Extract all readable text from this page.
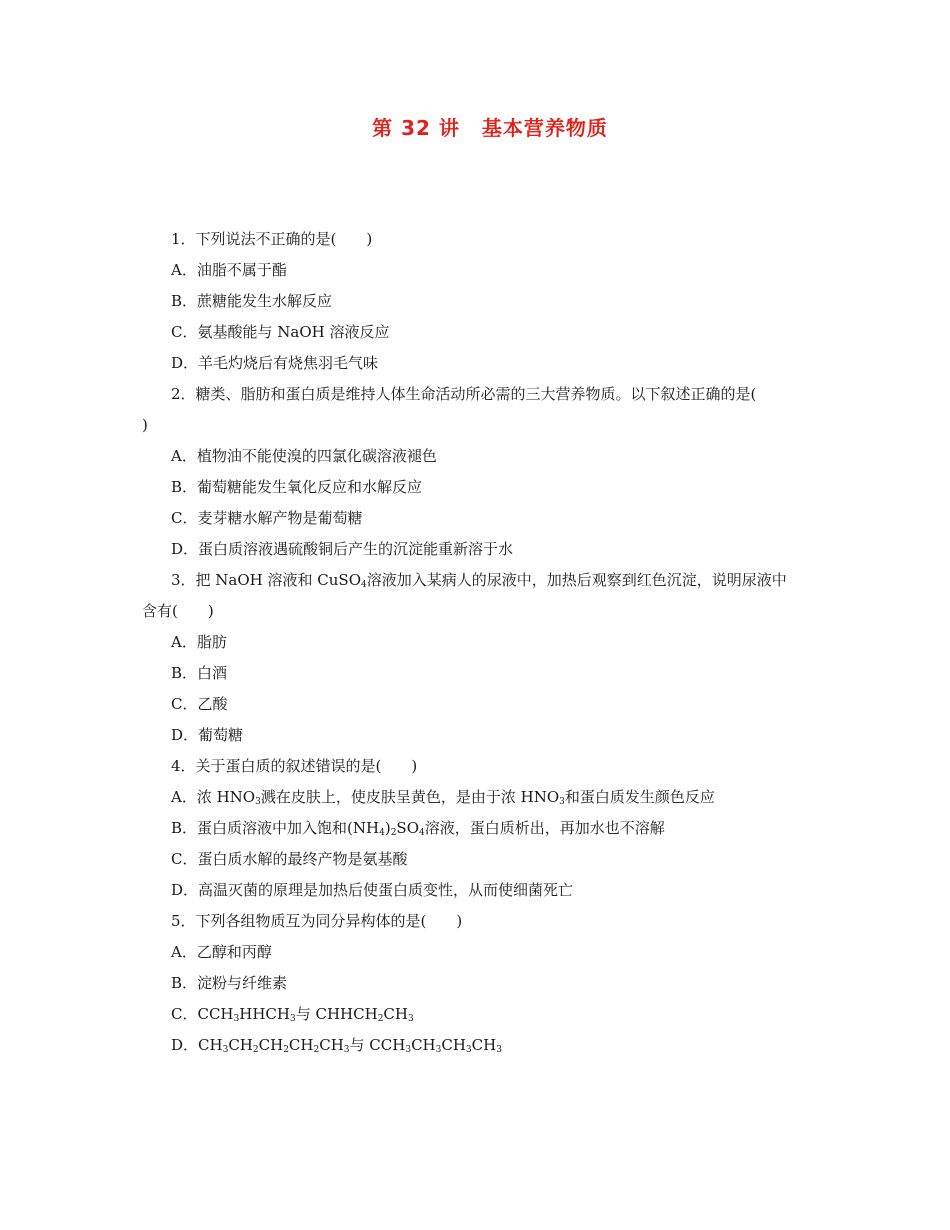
第 32 讲 基本营养物质
1．下列说法不正确的是(　　)
A．油脂不属于酯
B．蔗糖能发生水解反应
C．氨基酸能与 NaOH 溶液反应
D．羊毛灼烧后有烧焦羽毛气味
2．糖类、脂肪和蛋白质是维持人体生命活动所必需的三大营养物质。以下叙述正确的是(
)
A．植物油不能使溴的四氯化碳溶液褪色
B．葡萄糖能发生氧化反应和水解反应
C．麦芽糖水解产物是葡萄糖
D．蛋白质溶液遇硫酸铜后产生的沉淀能重新溶于水
3．把 NaOH 溶液和 CuSO$_4$溶液加入某病人的尿液中，加热后观察到红色沉淀，说明尿液中
含有(　　)
A．脂肪
B．白酒
C．乙酸
D．葡萄糖
4．关于蛋白质的叙述错误的是(　　)
A．浓 $HNO_3$溅在皮肤上，使皮肤呈黄色，是由于浓 $HNO_3$和蛋白质发生颜色反应
B．蛋白质溶液中加入饱和$(NH_4)_2SO_4$溶液，蛋白质析出，再加水也不溶解
C．蛋白质水解的最终产物是氨基酸
D．高温灭菌的原理是加热后使蛋白质变性，从而使细菌死亡
5．下列各组物质互为同分异构体的是(　　)
A．乙醇和丙醇
B．淀粉与纤维素
C．$CCH_3HHCH_3$与 $CHHCH_2CH_3$
D．$CH_3CH_2CH_2CH_2CH_3$与 $CCH_3CH_3CH_3CH_3$
